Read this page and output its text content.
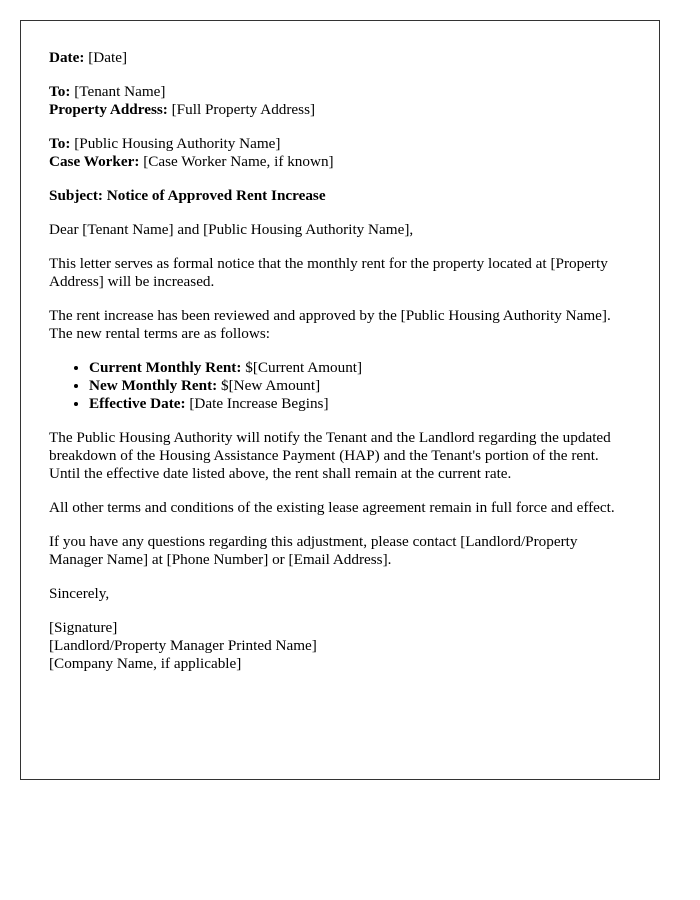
Date: [Date]
To: [Tenant Name]
Property Address: [Full Property Address]
To: [Public Housing Authority Name]
Case Worker: [Case Worker Name, if known]
Subject: Notice of Approved Rent Increase
Dear [Tenant Name] and [Public Housing Authority Name],
This letter serves as formal notice that the monthly rent for the property located at [Property Address] will be increased.
The rent increase has been reviewed and approved by the [Public Housing Authority Name]. The new rental terms are as follows:
• Current Monthly Rent: $[Current Amount]
• New Monthly Rent: $[New Amount]
• Effective Date: [Date Increase Begins]
The Public Housing Authority will notify the Tenant and the Landlord regarding the updated breakdown of the Housing Assistance Payment (HAP) and the Tenant's portion of the rent. Until the effective date listed above, the rent shall remain at the current rate.
All other terms and conditions of the existing lease agreement remain in full force and effect.
If you have any questions regarding this adjustment, please contact [Landlord/Property Manager Name] at [Phone Number] or [Email Address].
Sincerely,
[Signature]
[Landlord/Property Manager Printed Name]
[Company Name, if applicable]
